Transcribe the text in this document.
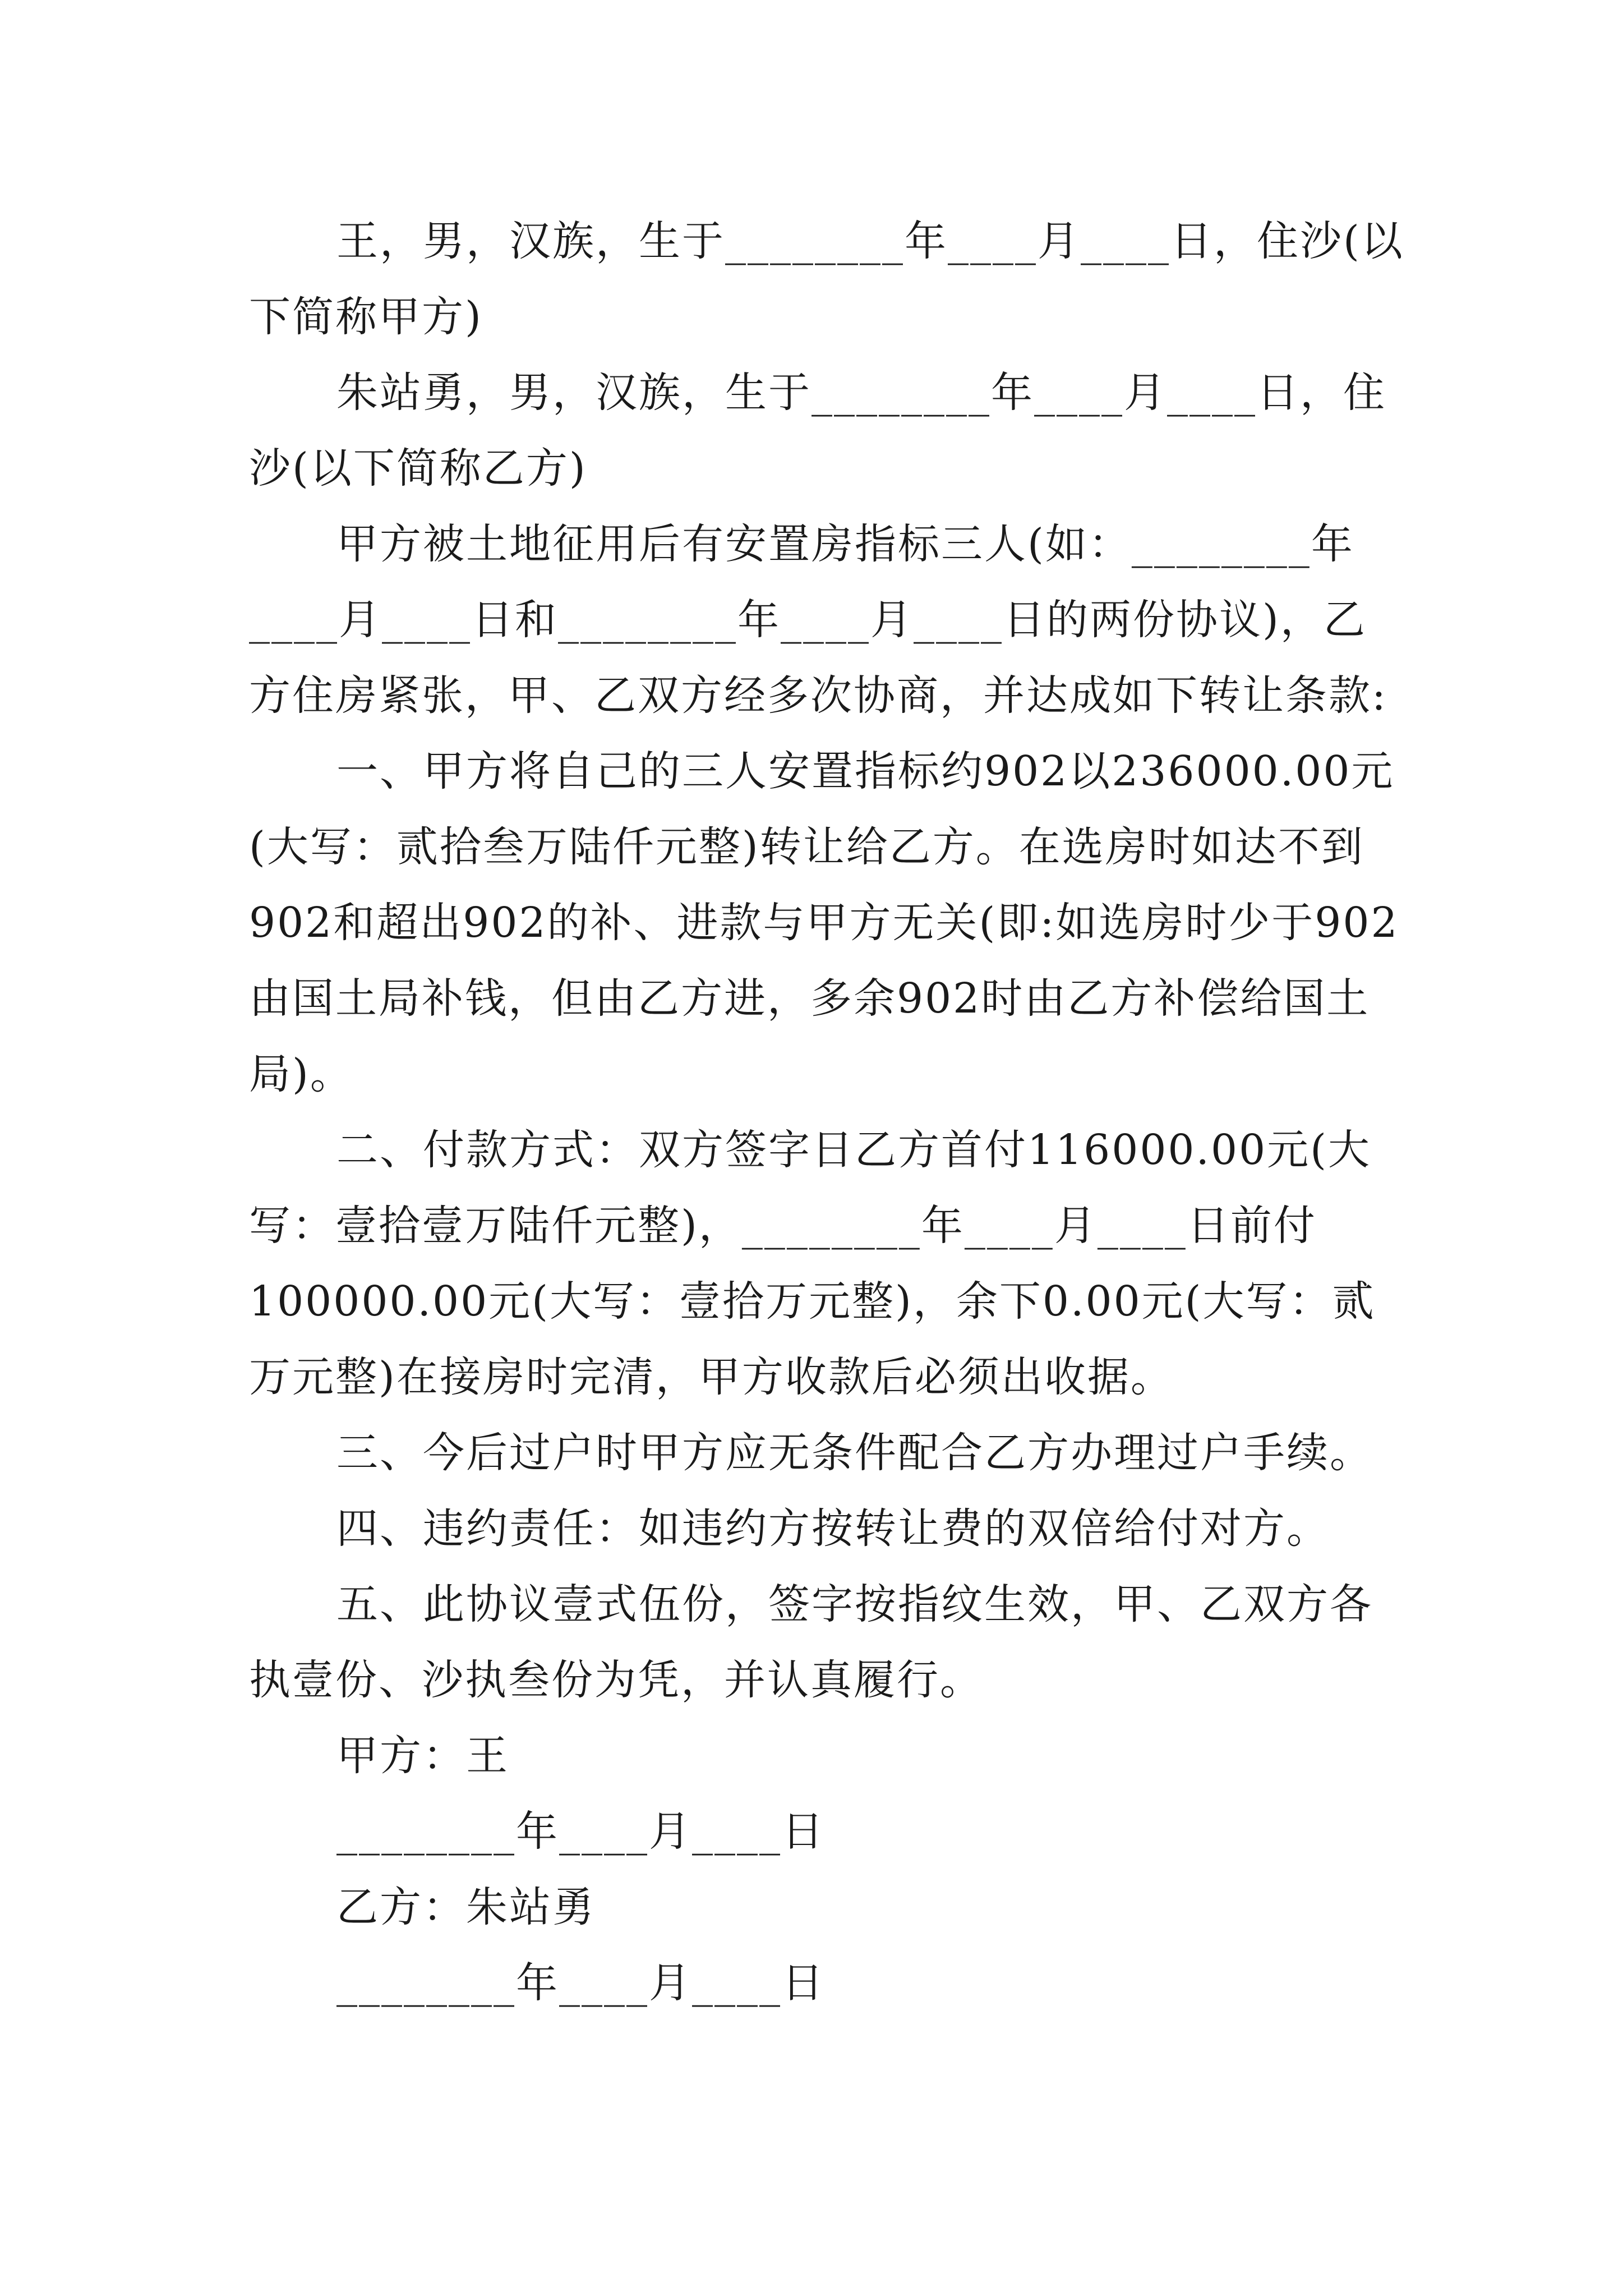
王，男，汉族，生于________年____月____日，住沙(以
下简称甲方)
朱站勇，男，汉族，生于________年____月____日，住
沙(以下简称乙方)
甲方被土地征用后有安置房指标三人(如：________年
____月____日和________年____月____日的两份协议)，乙
方住房紧张，甲、乙双方经多次协商，并达成如下转让条款:
一、甲方将自己的三人安置指标约902以236000.00元
(大写：贰拾叁万陆仟元整)转让给乙方。在选房时如达不到
902和超出902的补、进款与甲方无关(即:如选房时少于902
由国土局补钱，但由乙方进，多余902时由乙方补偿给国土
局)。
二、付款方式：双方签字日乙方首付116000.00元(大
写：壹拾壹万陆仟元整)，________年____月____日前付
100000.00元(大写：壹拾万元整)，余下0.00元(大写：贰
万元整)在接房时完清，甲方收款后必须出收据。
三、今后过户时甲方应无条件配合乙方办理过户手续。
四、违约责任：如违约方按转让费的双倍给付对方。
五、此协议壹式伍份，签字按指纹生效，甲、乙双方各
执壹份、沙执叁份为凭，并认真履行。
甲方：王
________年____月____日
乙方：朱站勇
________年____月____日
